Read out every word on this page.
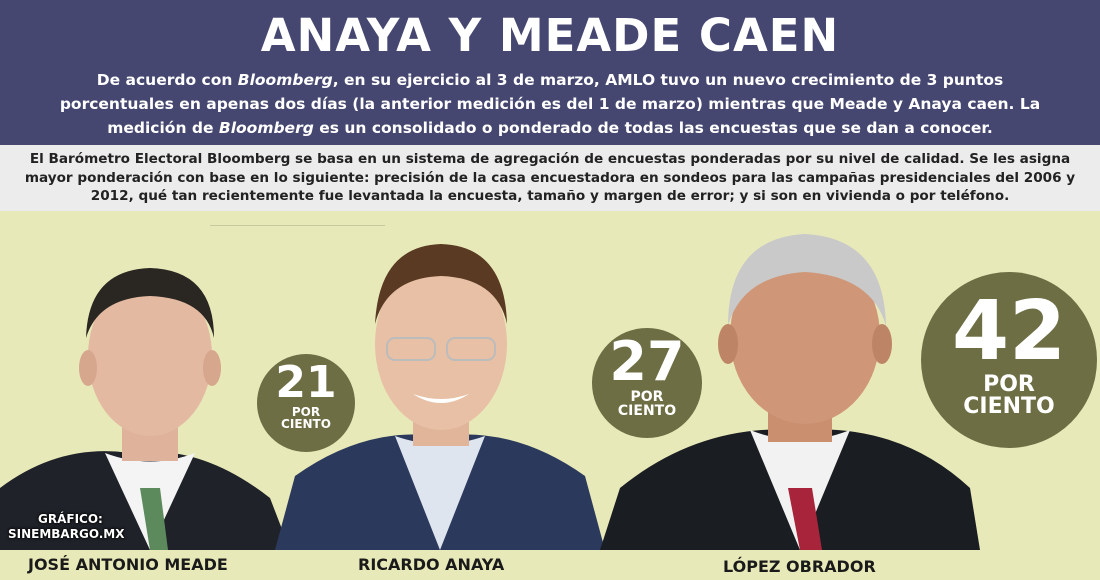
ANAYA Y MEADE CAEN
De acuerdo con Bloomberg, en su ejercicio al 3 de marzo, AMLO tuvo un nuevo crecimiento de 3 puntos porcentuales en apenas dos días (la anterior medición es del 1 de marzo) mientras que Meade y Anaya caen. La medición de Bloomberg es un consolidado o ponderado de todas las encuestas que se dan a conocer.
El Barómetro Electoral Bloomberg se basa en un sistema de agregación de encuestas ponderadas por su nivel de calidad. Se les asigna mayor ponderación con base en lo siguiente: precisión de la casa encuestadora en sondeos para las campañas presidenciales del 2006 y 2012, qué tan recientemente fue levantada la encuesta, tamaño y margen de error; y si son en vivienda o por teléfono.
21
POR
CIENTO
27
POR
CIENTO
42
POR
CIENTO
GRÁFICO:
SINEMBARGO.MX
JOSÉ ANTONIO MEADE	RICARDO ANAYA	LÓPEZ OBRADOR
